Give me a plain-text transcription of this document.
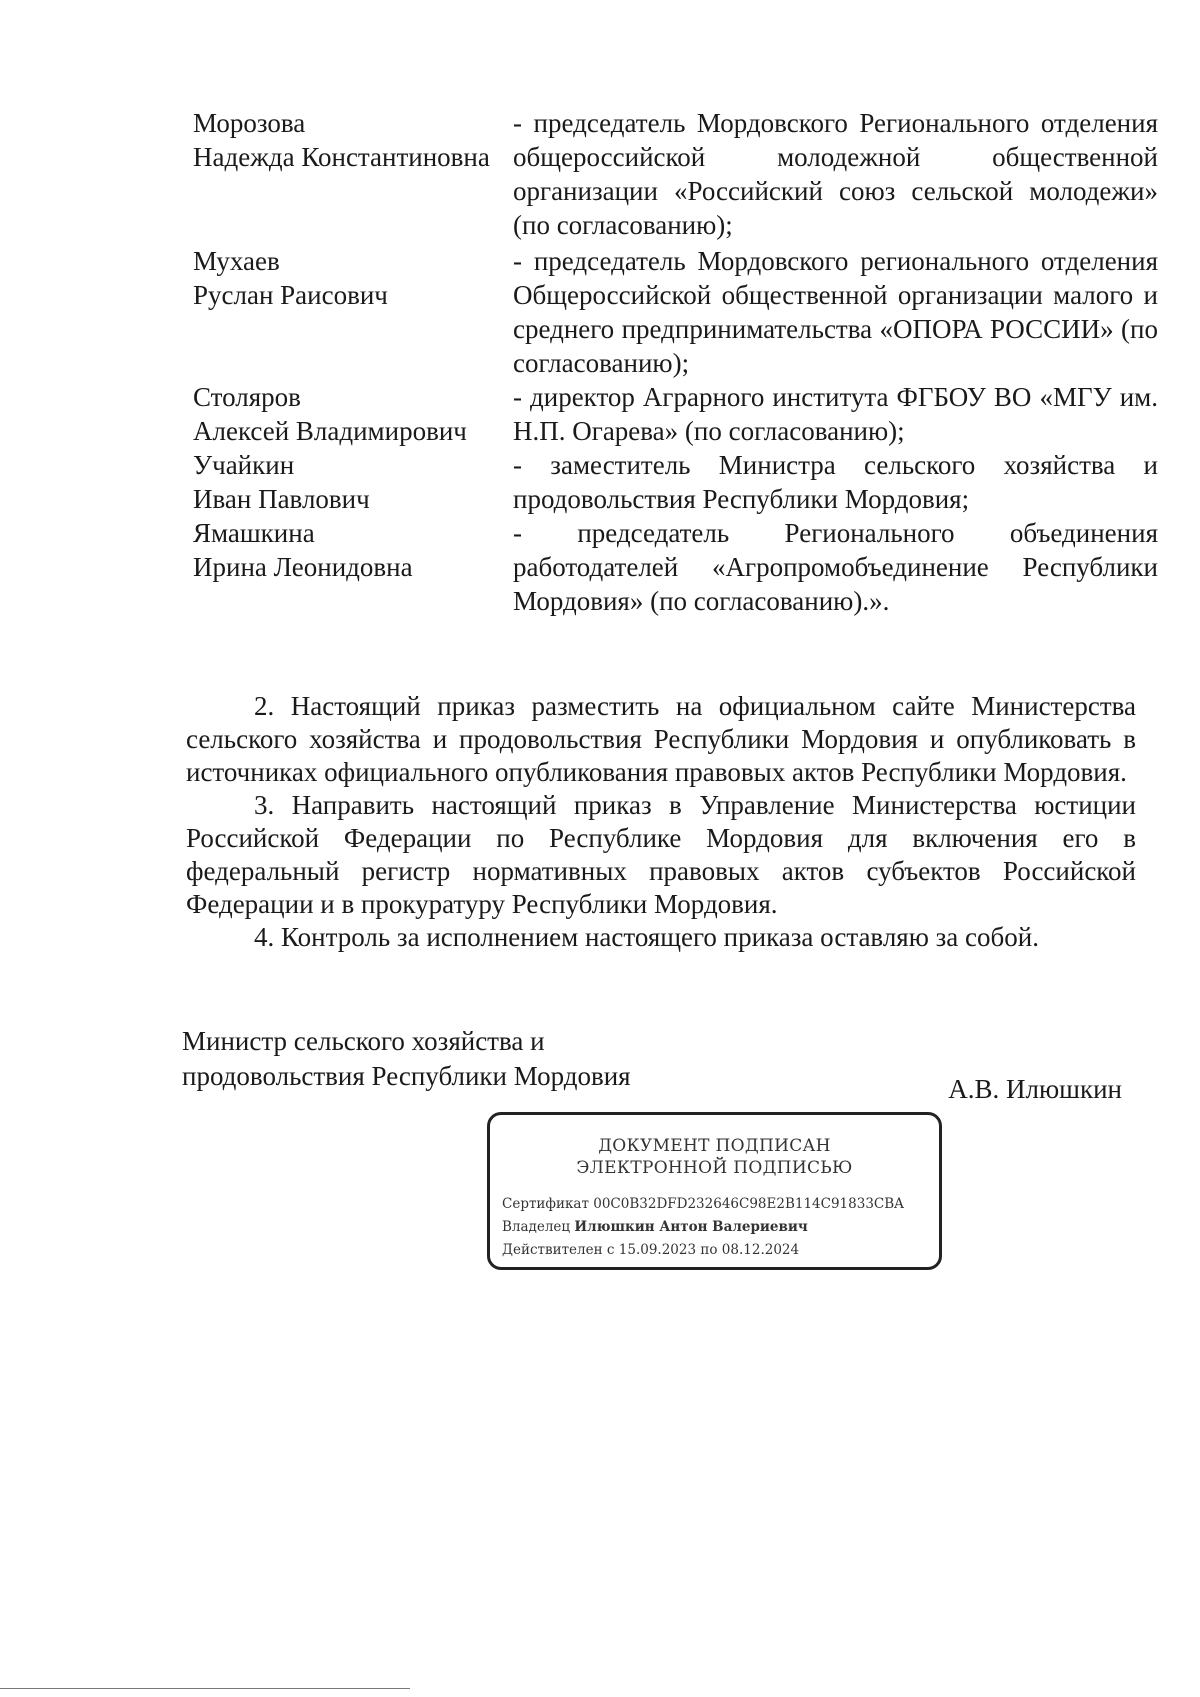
Морозова
Надежда Константиновна
- председатель Мордовского Регионального отделения общероссийской молодежной общественной организации «Российский союз сельской молодежи» (по согласованию);
Мухаев
Руслан Раисович
- председатель Мордовского регионального отделения Общероссийской общественной организации малого и среднего предпринимательства «ОПОРА РОССИИ» (по согласованию);
Столяров
Алексей Владимирович
- директор Аграрного института ФГБОУ ВО «МГУ им. Н.П. Огарева» (по согласованию);
Учайкин
Иван Павлович
- заместитель Министра сельского хозяйства и продовольствия Республики Мордовия;
Ямашкина
Ирина Леонидовна
- председатель Регионального объединения работодателей «Агропромобъединение Республики Мордовия» (по согласованию).».

2. Настоящий приказ разместить на официальном сайте Министерства сельского хозяйства и продовольствия Республики Мордовия и опубликовать в источниках официального опубликования правовых актов Республики Мордовия.

3. Направить настоящий приказ в Управление Министерства юстиции Российской Федерации по Республике Мордовия для включения его в федеральный регистр нормативных правовых актов субъектов Российской Федерации и в прокуратуру Республики Мордовия.

4. Контроль за исполнением настоящего приказа оставляю за собой.

Министр сельского хозяйства и
продовольствия Республики Мордовия	А.В. Илюшкин
ДОКУМЕНТ ПОДПИСАН
ЭЛЕКТРОННОЙ ПОДПИСЬЮ
Сертификат 00C0B32DFD232646C98E2B114C91833CBA
Владелец Илюшкин Антон Валериевич
Действителен с 15.09.2023 по 08.12.2024
